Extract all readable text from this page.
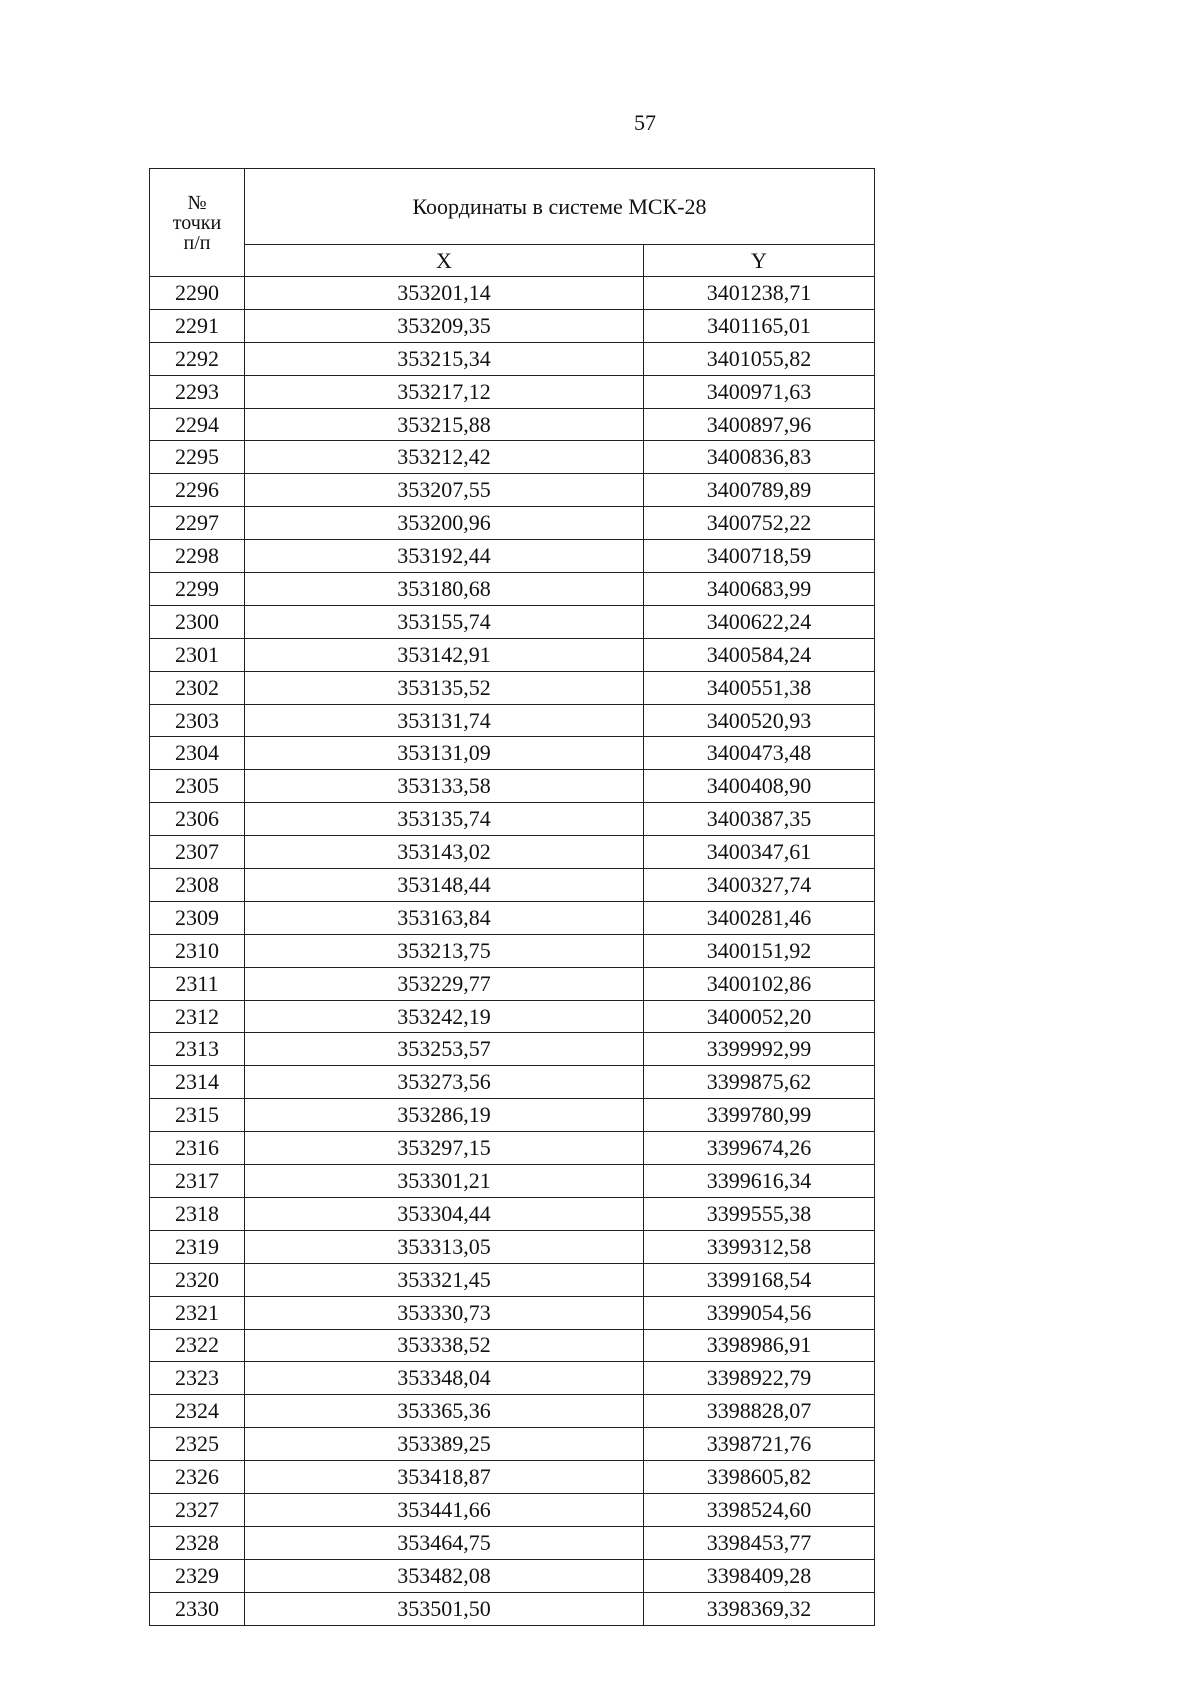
57
№
точки
п/п	Координаты в системе МСК-28	
	X	Y
2290	353201,14	3401238,71
2291	353209,35	3401165,01
2292	353215,34	3401055,82
2293	353217,12	3400971,63
2294	353215,88	3400897,96
2295	353212,42	3400836,83
2296	353207,55	3400789,89
2297	353200,96	3400752,22
2298	353192,44	3400718,59
2299	353180,68	3400683,99
2300	353155,74	3400622,24
2301	353142,91	3400584,24
2302	353135,52	3400551,38
2303	353131,74	3400520,93
2304	353131,09	3400473,48
2305	353133,58	3400408,90
2306	353135,74	3400387,35
2307	353143,02	3400347,61
2308	353148,44	3400327,74
2309	353163,84	3400281,46
2310	353213,75	3400151,92
2311	353229,77	3400102,86
2312	353242,19	3400052,20
2313	353253,57	3399992,99
2314	353273,56	3399875,62
2315	353286,19	3399780,99
2316	353297,15	3399674,26
2317	353301,21	3399616,34
2318	353304,44	3399555,38
2319	353313,05	3399312,58
2320	353321,45	3399168,54
2321	353330,73	3399054,56
2322	353338,52	3398986,91
2323	353348,04	3398922,79
2324	353365,36	3398828,07
2325	353389,25	3398721,76
2326	353418,87	3398605,82
2327	353441,66	3398524,60
2328	353464,75	3398453,77
2329	353482,08	3398409,28
2330	353501,50	3398369,32
